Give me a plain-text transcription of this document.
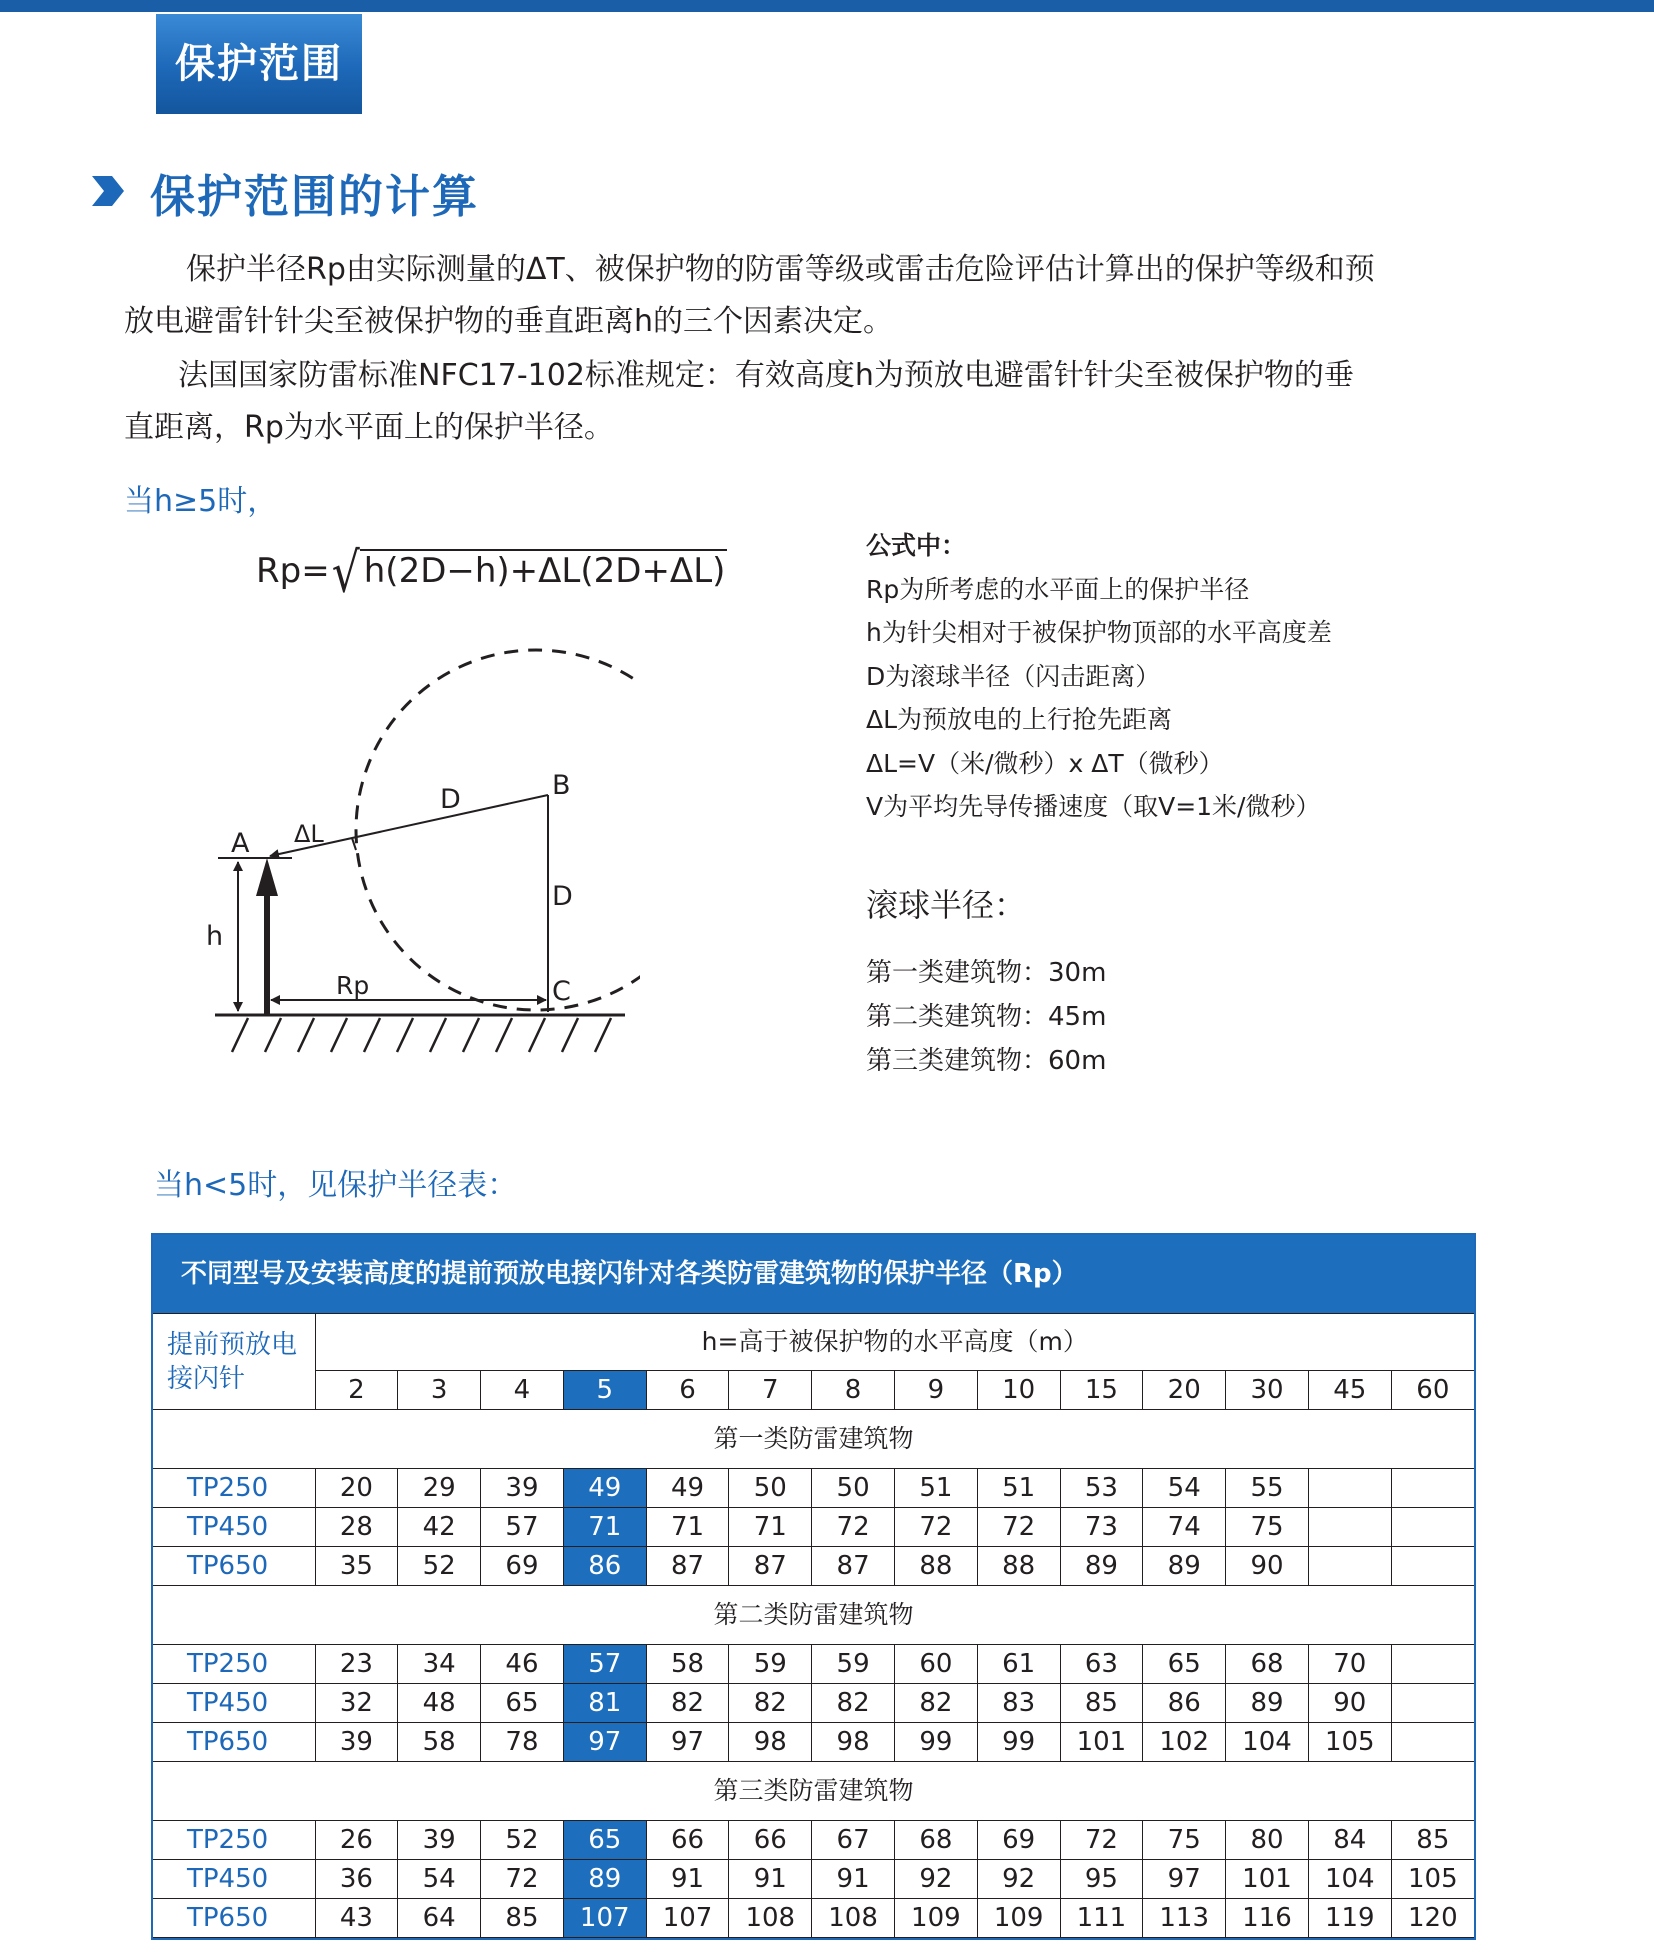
保护范围
保护范围的计算
保护半径Rp由实际测量的ΔT、被保护物的防雷等级或雷击危险评估计算出的保护等级和预
放电避雷针针尖至被保护物的垂直距离h的三个因素决定。
法国国家防雷标准NFC17-102标准规定：有效高度h为预放电避雷针针尖至被保护物的垂
直距离，Rp为水平面上的保护半径。
当h≥5时，
Rp=√ h(2D−h)+ΔL(2D+ΔL)
A ΔL
D	B
D
h
Rp	C
公式中：
Rp为所考虑的水平面上的保护半径
h为针尖相对于被保护物顶部的水平高度差
D为滚球半径（闪击距离）
ΔL为预放电的上行抢先距离
ΔL=V（米/微秒）x ΔT（微秒）
V为平均先导传播速度（取V=1米/微秒）
滚球半径：
第一类建筑物：30m
第二类建筑物：45m
第三类建筑物：60m
当h<5时，见保护半径表：
不同型号及安装高度的提前预放电接闪针对各类防雷建筑物的保护半径（Rp）
提前预放电接闪针	h=高于被保护物的水平高度（m）													
	2	3	4	5	6	7	8	9	10	15	20	30	45	60
第一类防雷建筑物														
TP250	20	29	39	49	49	50	50	51	51	53	54	55		
TP450	28	42	57	71	71	71	72	72	72	73	74	75		
TP650	35	52	69	86	87	87	87	88	88	89	89	90		
第二类防雷建筑物														
TP250	23	34	46	57	58	59	59	60	61	63	65	68	70	
TP450	32	48	65	81	82	82	82	82	83	85	86	89	90	
TP650	39	58	78	97	97	98	98	99	99	101	102	104	105	
第三类防雷建筑物														
TP250	26	39	52	65	66	66	67	68	69	72	75	80	84	85
TP450	36	54	72	89	91	91	91	92	92	95	97	101	104	105
TP650	43	64	85	107	107	108	108	109	109	111	113	116	119	120
